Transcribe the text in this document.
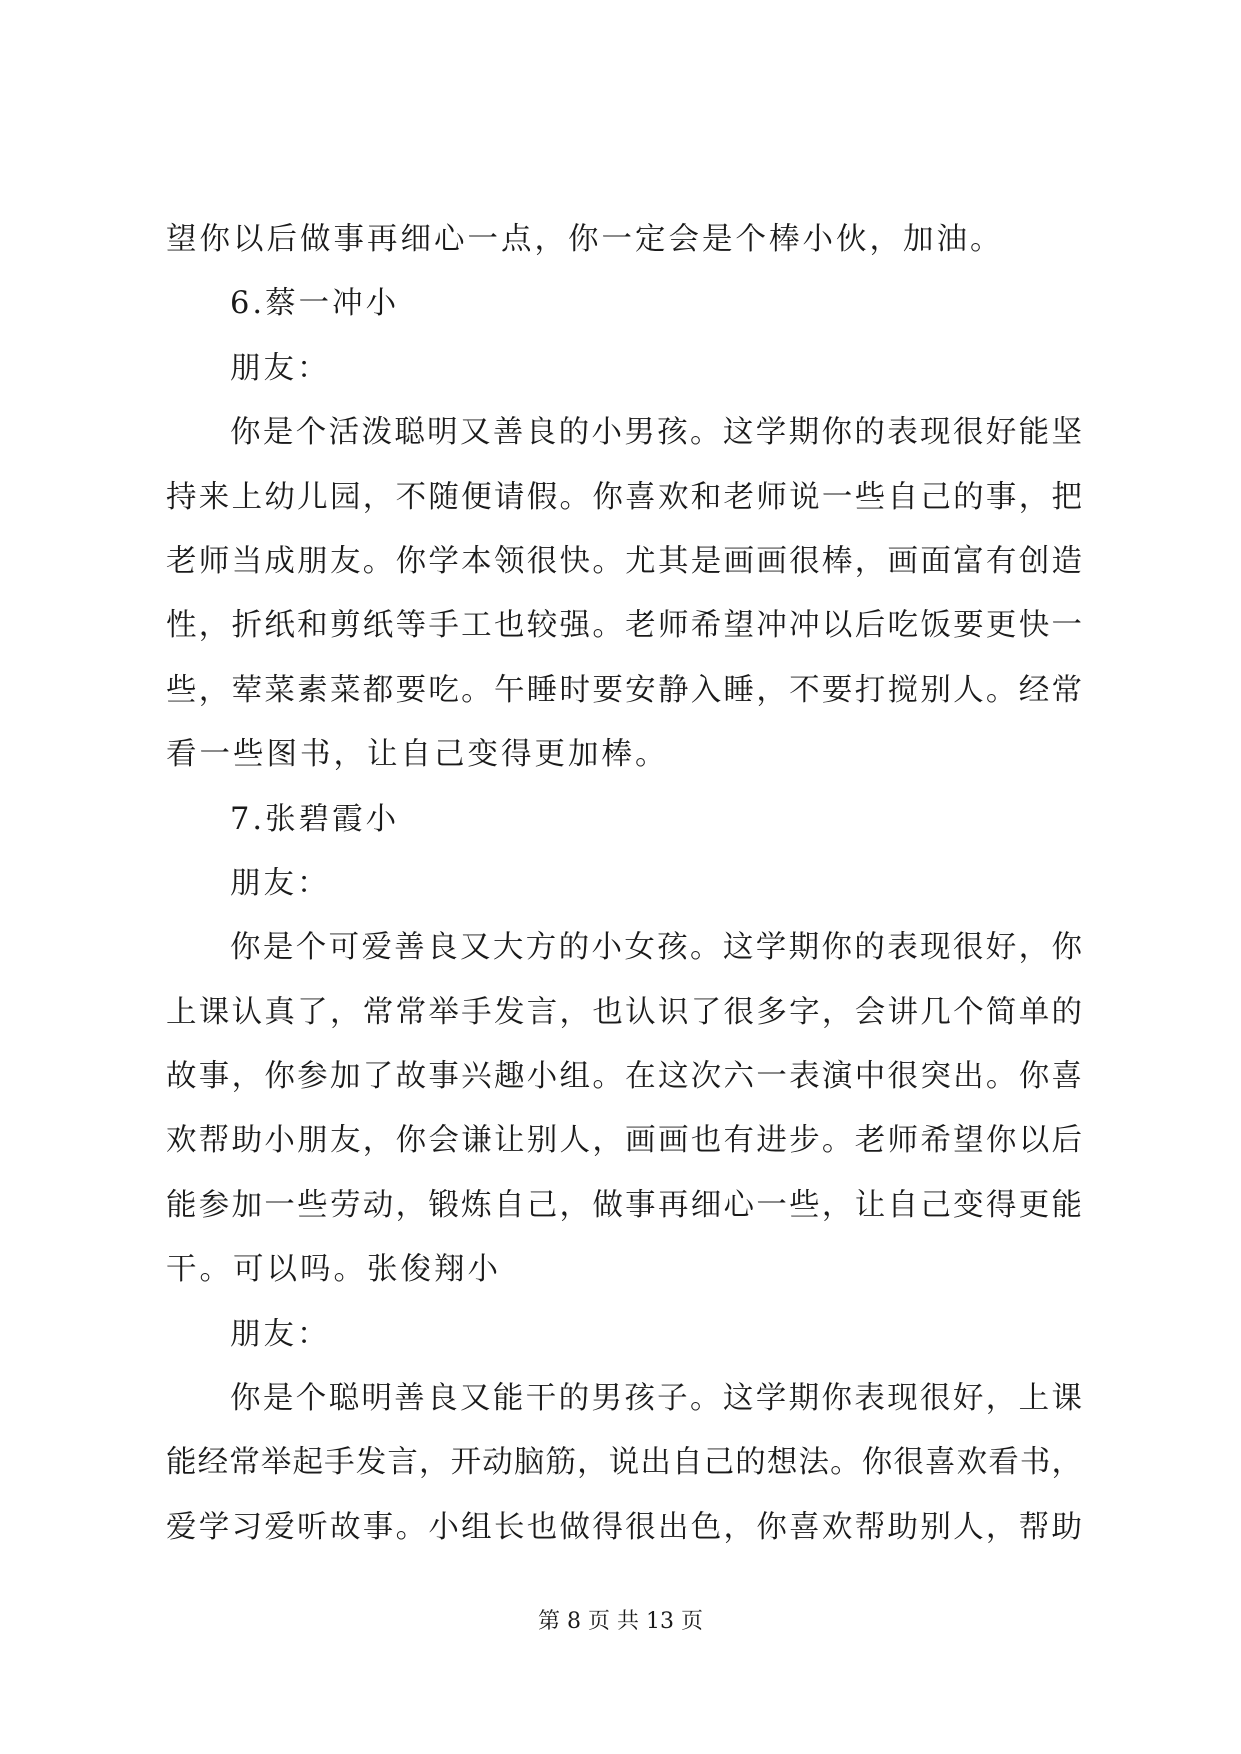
望你以后做事再细心一点，你一定会是个棒小伙，加油。
6.蔡一冲小
朋友：
你是个活泼聪明又善良的小男孩。这学期你的表现很好能坚
持来上幼儿园，不随便请假。你喜欢和老师说一些自己的事，把
老师当成朋友。你学本领很快。尤其是画画很棒，画面富有创造
性，折纸和剪纸等手工也较强。老师希望冲冲以后吃饭要更快一
些，荤菜素菜都要吃。午睡时要安静入睡，不要打搅别人。经常
看一些图书，让自己变得更加棒。
7.张碧霞小
朋友：
你是个可爱善良又大方的小女孩。这学期你的表现很好，你
上课认真了，常常举手发言，也认识了很多字，会讲几个简单的
故事，你参加了故事兴趣小组。在这次六一表演中很突出。你喜
欢帮助小朋友，你会谦让别人，画画也有进步。老师希望你以后
能参加一些劳动，锻炼自己，做事再细心一些，让自己变得更能
干。可以吗。张俊翔小
朋友：
你是个聪明善良又能干的男孩子。这学期你表现很好，上课
能经常举起手发言，开动脑筋，说出自己的想法。你很喜欢看书，
爱学习爱听故事。小组长也做得很出色，你喜欢帮助别人，帮助
第 8 页 共 13 页
